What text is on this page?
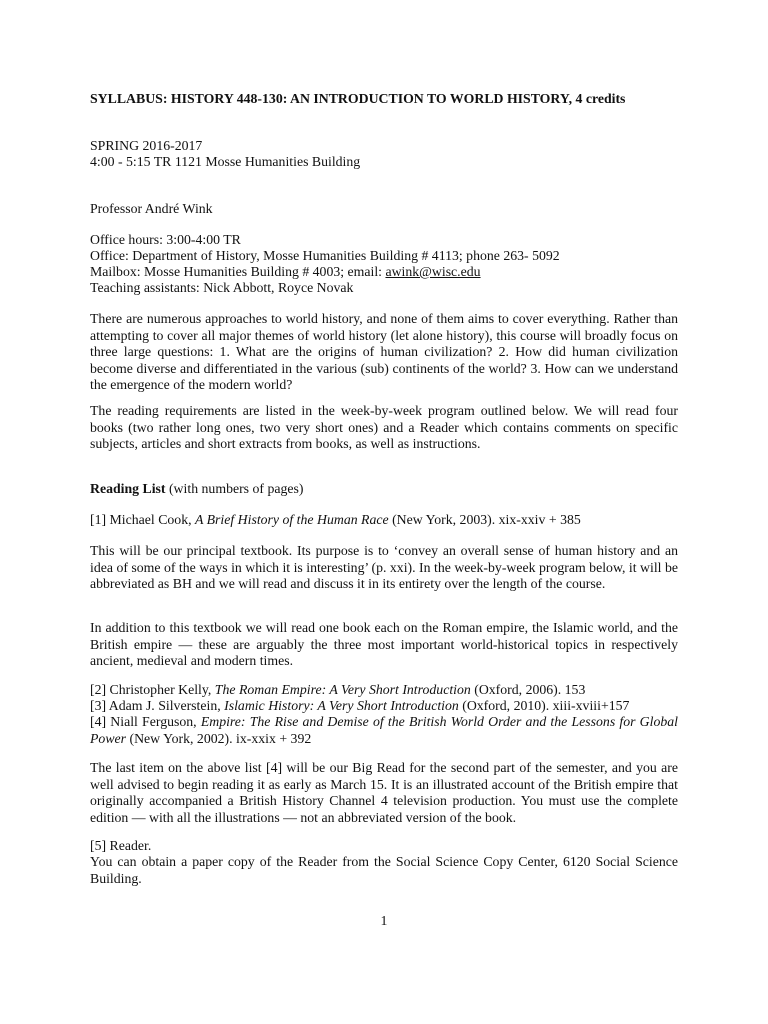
SYLLABUS: HISTORY 448-130: AN INTRODUCTION TO WORLD HISTORY, 4 credits

SPRING 2016-2017

4:00 - 5:15 TR 1121 Mosse Humanities Building

Professor André Wink

Office hours: 3:00-4:00 TR

Office: Department of History, Mosse Humanities Building # 4113; phone 263- 5092

Mailbox: Mosse Humanities Building # 4003; email: awink@wisc.edu

Teaching assistants: Nick Abbott, Royce Novak

There are numerous approaches to world history, and none of them aims to cover everything. Rather than attempting to cover all major themes of world history (let alone history), this course will broadly focus on three large questions: 1. What are the origins of human civilization? 2. How did human civilization become diverse and differentiated in the various (sub) continents of the world? 3. How can we understand the emergence of the modern world?

The reading requirements are listed in the week-by-week program outlined below. We will read four books (two rather long ones, two very short ones) and a Reader which contains comments on specific subjects, articles and short extracts from books, as well as instructions.

Reading List (with numbers of pages)

[1] Michael Cook, A Brief History of the Human Race (New York, 2003). xix-xxiv + 385

This will be our principal textbook. Its purpose is to ‘convey an overall sense of human history and an idea of some of the ways in which it is interesting’ (p. xxi). In the week-by-week program below, it will be abbreviated as BH and we will read and discuss it in its entirety over the length of the course.

In addition to this textbook we will read one book each on the Roman empire, the Islamic world, and the British empire — these are arguably the three most important world-historical topics in respectively ancient, medieval and modern times.

[2] Christopher Kelly, The Roman Empire: A Very Short Introduction (Oxford, 2006). 153

[3] Adam J. Silverstein, Islamic History: A Very Short Introduction (Oxford, 2010). xiii-xviii+157

[4] Niall Ferguson, Empire: The Rise and Demise of the British World Order and the Lessons for Global Power (New York, 2002). ix-xxix + 392

The last item on the above list [4] will be our Big Read for the second part of the semester, and you are well advised to begin reading it as early as March 15. It is an illustrated account of the British empire that originally accompanied a British History Channel 4 television production. You must use the complete edition — with all the illustrations — not an abbreviated version of the book.

[5] Reader.

You can obtain a paper copy of the Reader from the Social Science Copy Center, 6120 Social Science Building.

1
